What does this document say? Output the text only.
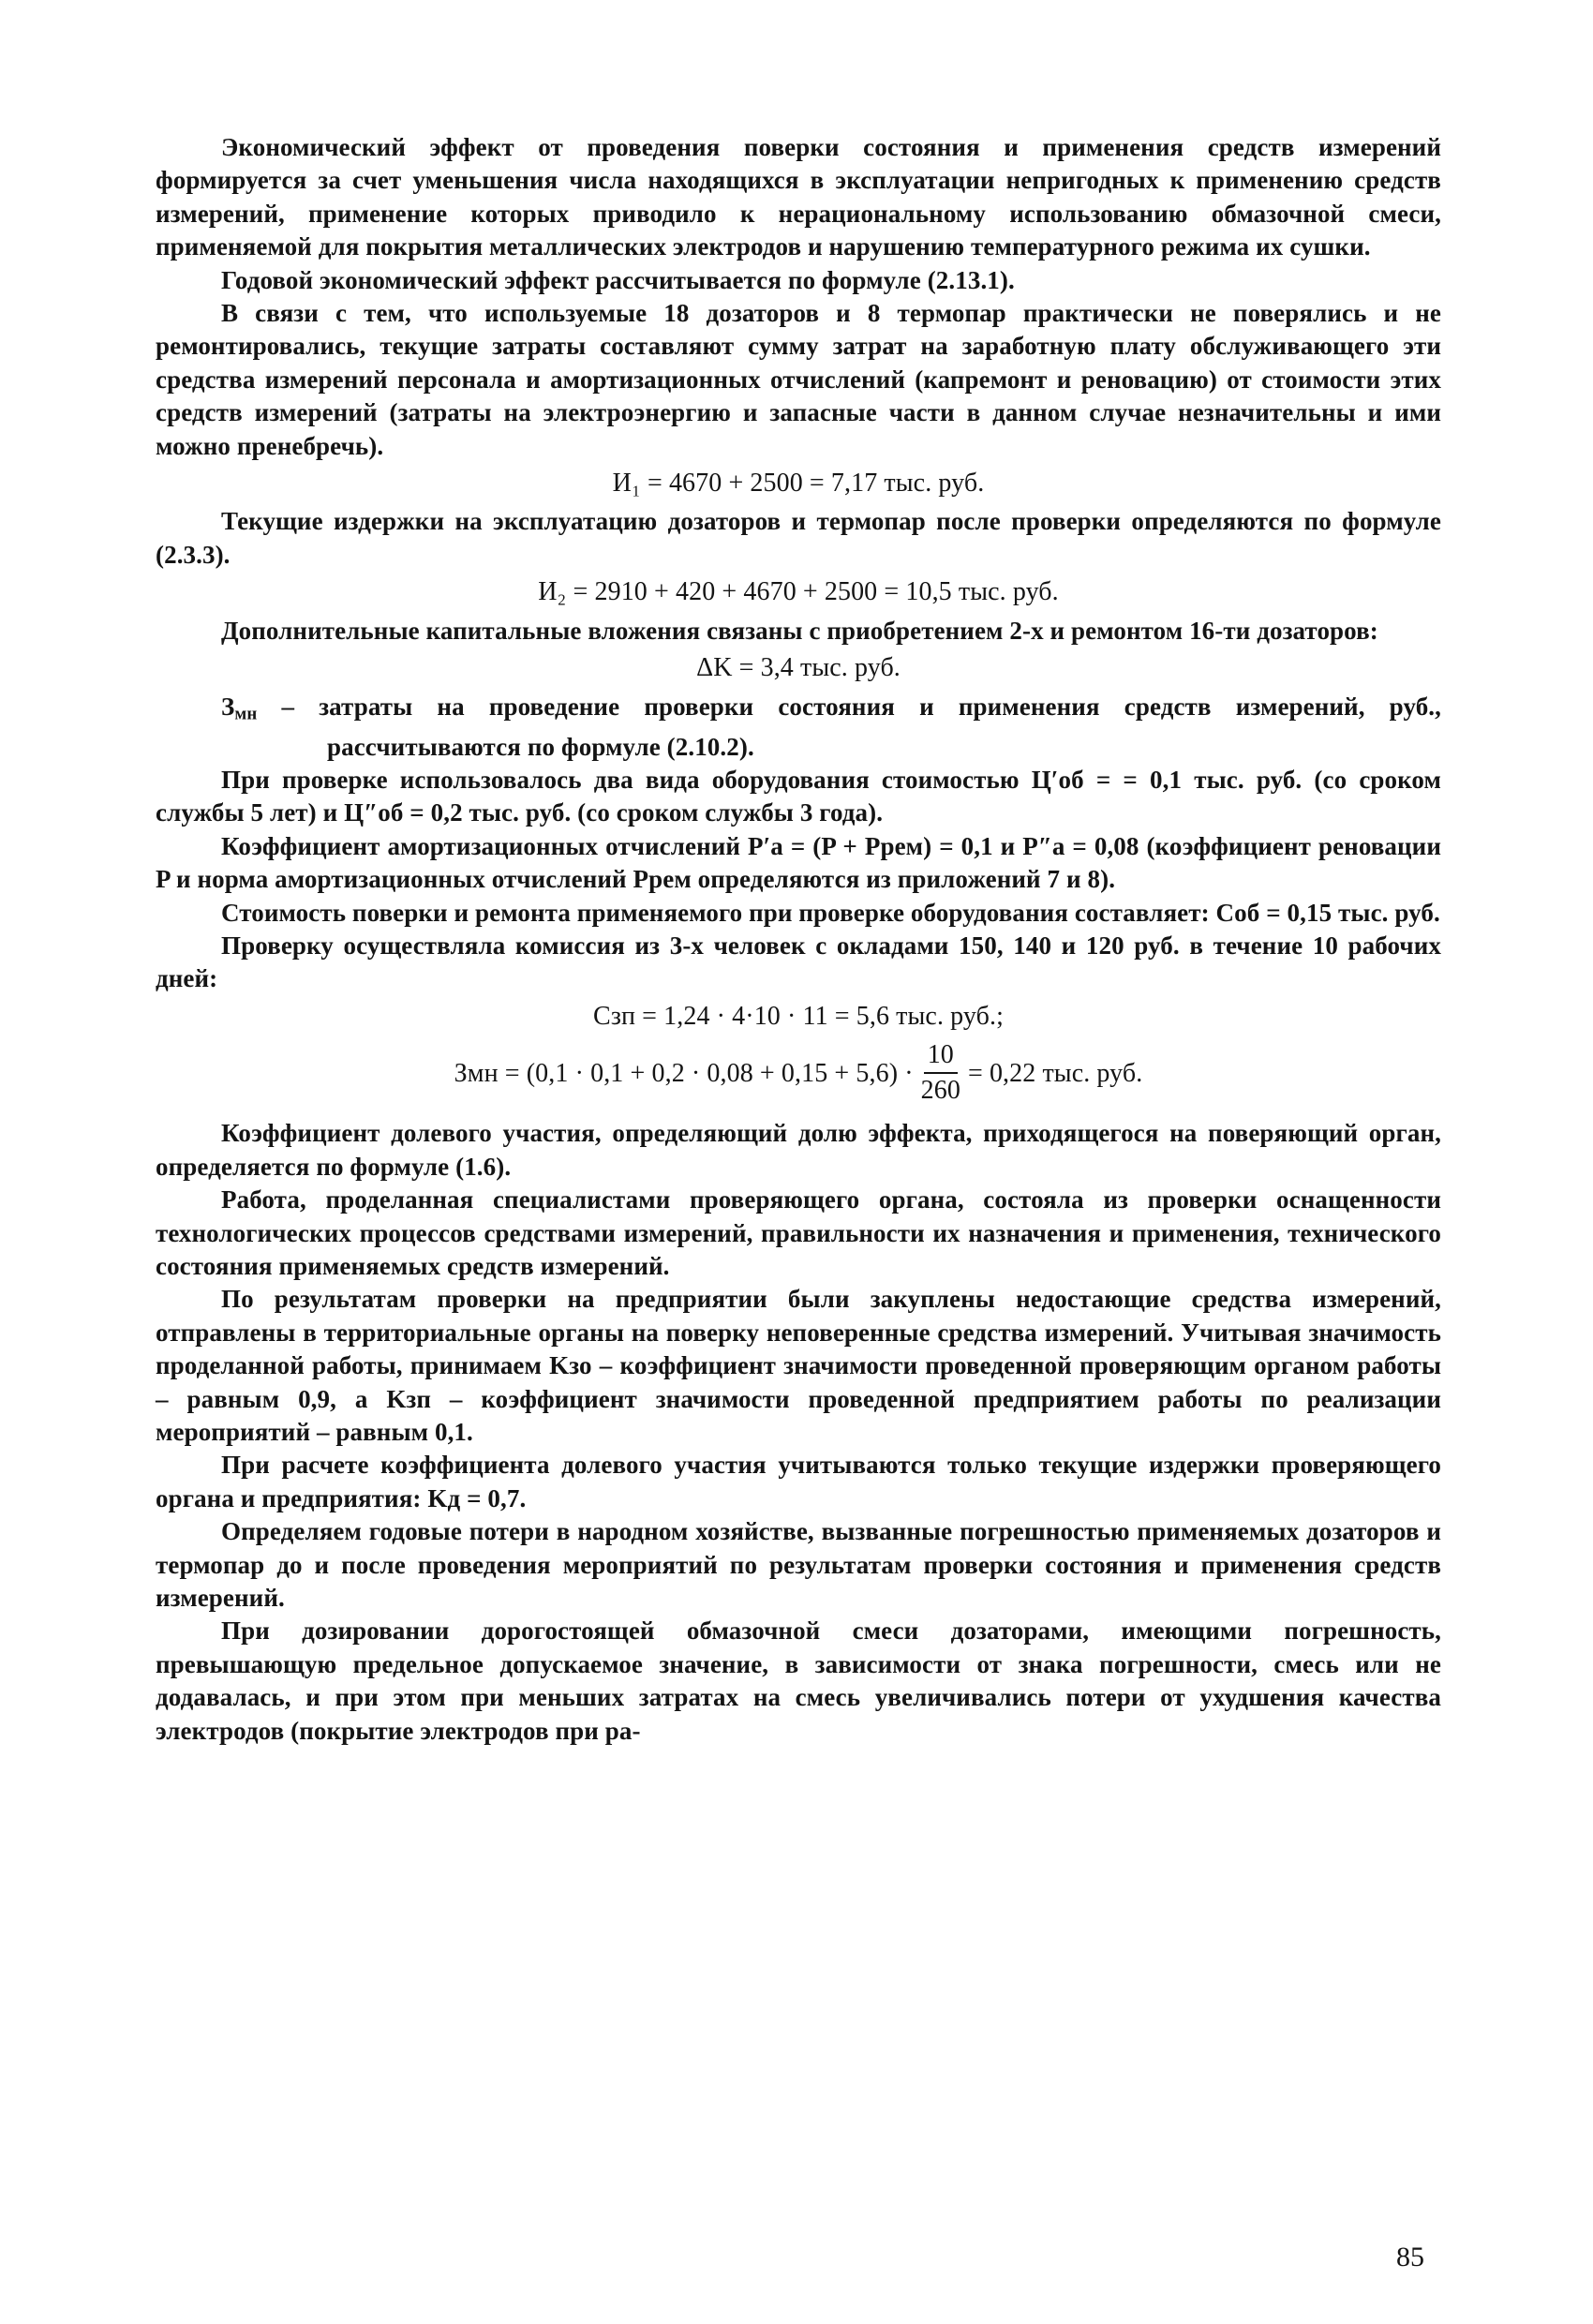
Экономический эффект от проведения поверки состояния и применения средств измерений формируется за счет уменьшения числа находящихся в эксплуатации непригодных к применению средств измерений, применение которых приводило к нерациональному использованию обмазочной смеси, применяемой для покрытия металлических электродов и нарушению температурного режима их сушки.

Годовой экономический эффект рассчитывается по формуле (2.13.1).

В связи с тем, что используемые 18 дозаторов и 8 термопар практически не поверялись и не ремонтировались, текущие затраты составляют сумму затрат на заработную плату обслуживающего эти средства измерений персонала и амортизационных отчислений (капремонт и реновацию) от стоимости этих средств измерений (затраты на электроэнергию и запасные части в данном случае незначительны и ими можно пренебречь).

И₁ = 4670 + 2500 = 7,17 тыс. руб.

Текущие издержки на эксплуатацию дозаторов и термопар после проверки определяются по формуле (2.3.3).

И₂ = 2910 + 420 + 4670 + 2500 = 10,5 тыс. руб.

Дополнительные капитальные вложения связаны с приобретением 2-х и ремонтом 16-ти дозаторов:

ΔK = 3,4 тыс. руб.

$З_{мн}$ – затраты на проведение проверки состояния и применения средств измерений, руб., рассчитываются по формуле (2.10.2).

При проверке использовалось два вида оборудования стоимостью Ц′об = = 0,1 тыс. руб. (со сроком службы 5 лет) и Ц″об = 0,2 тыс. руб. (со сроком службы 3 года).

Коэффициент амортизационных отчислений P′а = (P + Pрем) = 0,1 и P″а = 0,08 (коэффициент реновации P и норма амортизационных отчислений Pрем определяются из приложений 7 и 8).

Стоимость поверки и ремонта применяемого при проверке оборудования составляет: Cоб = 0,15 тыс. руб.

Проверку осуществляла комиссия из 3-х человек с окладами 150, 140 и 120 руб. в течение 10 рабочих дней:

Cзп = 1,24 · 4·10 · 11 = 5,6 тыс. руб.;
Змн = $(0,1 \cdot 0,1 + 0,2 \cdot 0,08 + 0,15 + 5,6) \cdot \frac{10}{260} = 0,22$ тыс. руб.

Коэффициент долевого участия, определяющий долю эффекта, приходящегося на поверяющий орган, определяется по формуле (1.6).

Работа, проделанная специалистами проверяющего органа, состояла из проверки оснащенности технологических процессов средствами измерений, правильности их назначения и применения, технического состояния применяемых средств измерений.

По результатам проверки на предприятии были закуплены недостающие средства измерений, отправлены в территориальные органы на поверку неповеренные средства измерений. Учитывая значимость проделанной работы, принимаем Kзо – коэффициент значимости проведенной проверяющим органом работы – равным 0,9, а Kзп – коэффициент значимости проведенной предприятием работы по реализации мероприятий – равным 0,1.

При расчете коэффициента долевого участия учитываются только текущие издержки проверяющего органа и предприятия: Kд = 0,7.

Определяем годовые потери в народном хозяйстве, вызванные погрешностью применяемых дозаторов и термопар до и после проведения мероприятий по результатам проверки состояния и применения средств измерений.

При дозировании дорогостоящей обмазочной смеси дозаторами, имеющими погрешность, превышающую предельное допускаемое значение, в зависимости от знака погрешности, смесь или не додавалась, и при этом при меньших затратах на смесь увеличивались потери от ухудшения качества электродов (покрытие электродов при ра-

85
